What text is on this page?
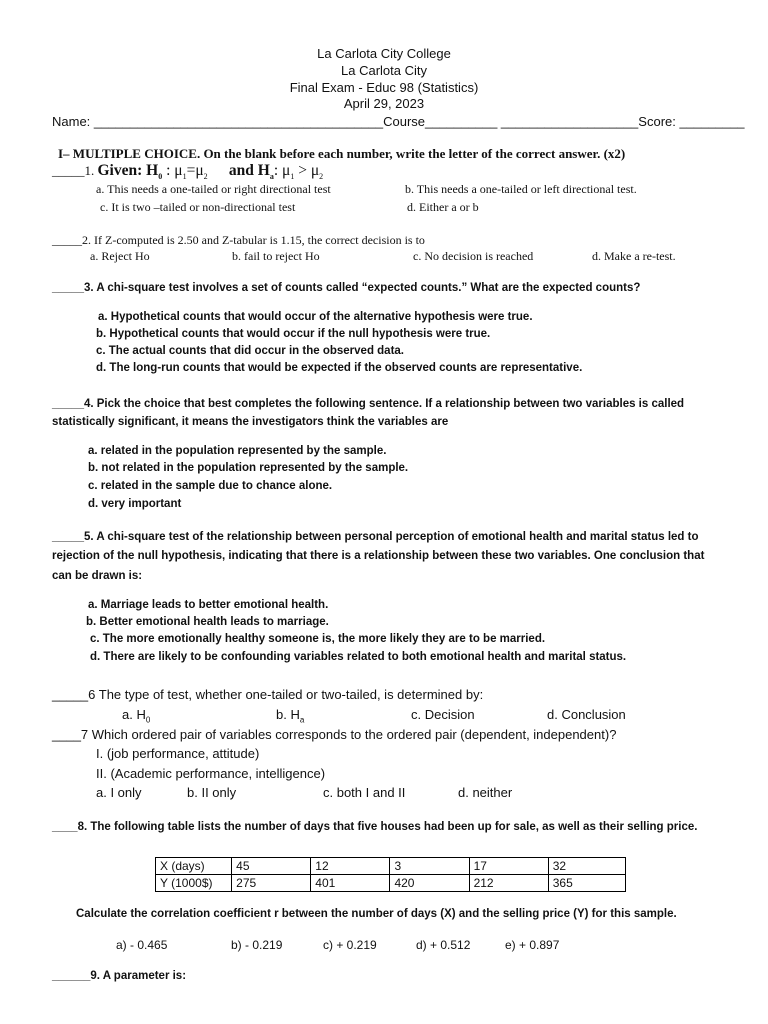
La Carlota City College
La Carlota City
Final Exam - Educ 98 (Statistics)
April 29, 2023
Name: ________________________________________Course__________ ___________________Score: _________
I– MULTIPLE CHOICE. On the blank before each number, write the letter of the correct answer. (x2)
_____1. Given: $H_0$ : $\mu_1=\mu_2$ and $H_a$: $\mu_1 > \mu_2$
a. This needs a one-tailed or right directional test	b. This needs a one-tailed or left directional test.
c. It is two –tailed or non-directional test	d. Either a or b
_____2. If Z-computed is 2.50 and Z-tabular is 1.15, the correct decision is to
a. Reject Ho	b. fail to reject Ho	c. No decision is reached	d. Make a re-test.
_____3. A chi-square test involves a set of counts called “expected counts.” What are the expected counts?
a. Hypothetical counts that would occur of the alternative hypothesis were true.
b. Hypothetical counts that would occur if the null hypothesis were true.
c. The actual counts that did occur in the observed data.
d. The long-run counts that would be expected if the observed counts are representative.
_____4. Pick the choice that best completes the following sentence. If a relationship between two variables is called
statistically significant, it means the investigators think the variables are
a. related in the population represented by the sample.
b. not related in the population represented by the sample.
c. related in the sample due to chance alone.
d. very important
_____5. A chi-square test of the relationship between personal perception of emotional health and marital status led to
rejection of the null hypothesis, indicating that there is a relationship between these two variables. One conclusion that
can be drawn is:
a. Marriage leads to better emotional health.
b. Better emotional health leads to marriage.
c. The more emotionally healthy someone is, the more likely they are to be married.
d. There are likely to be confounding variables related to both emotional health and marital status.
_____6 The type of test, whether one-tailed or two-tailed, is determined by:
a. $H_0$	b. $H_a$	c. Decision	d. Conclusion
____7 Which ordered pair of variables corresponds to the ordered pair (dependent, independent)?
I. (job performance, attitude)
II. (Academic performance, intelligence)
a. I only	b. II only	c. both I and II	d. neither
____8. The following table lists the number of days that five houses had been up for sale, as well as their selling price.
X (days)	45	12	3	17	32
Y (1000$)	275	401	420	212	365
Calculate the correlation coefficient r between the number of days (X) and the selling price (Y) for this sample.
a) - 0.465	b) - 0.219	c) + 0.219	d) + 0.512	e) + 0.897
______9. A parameter is:
